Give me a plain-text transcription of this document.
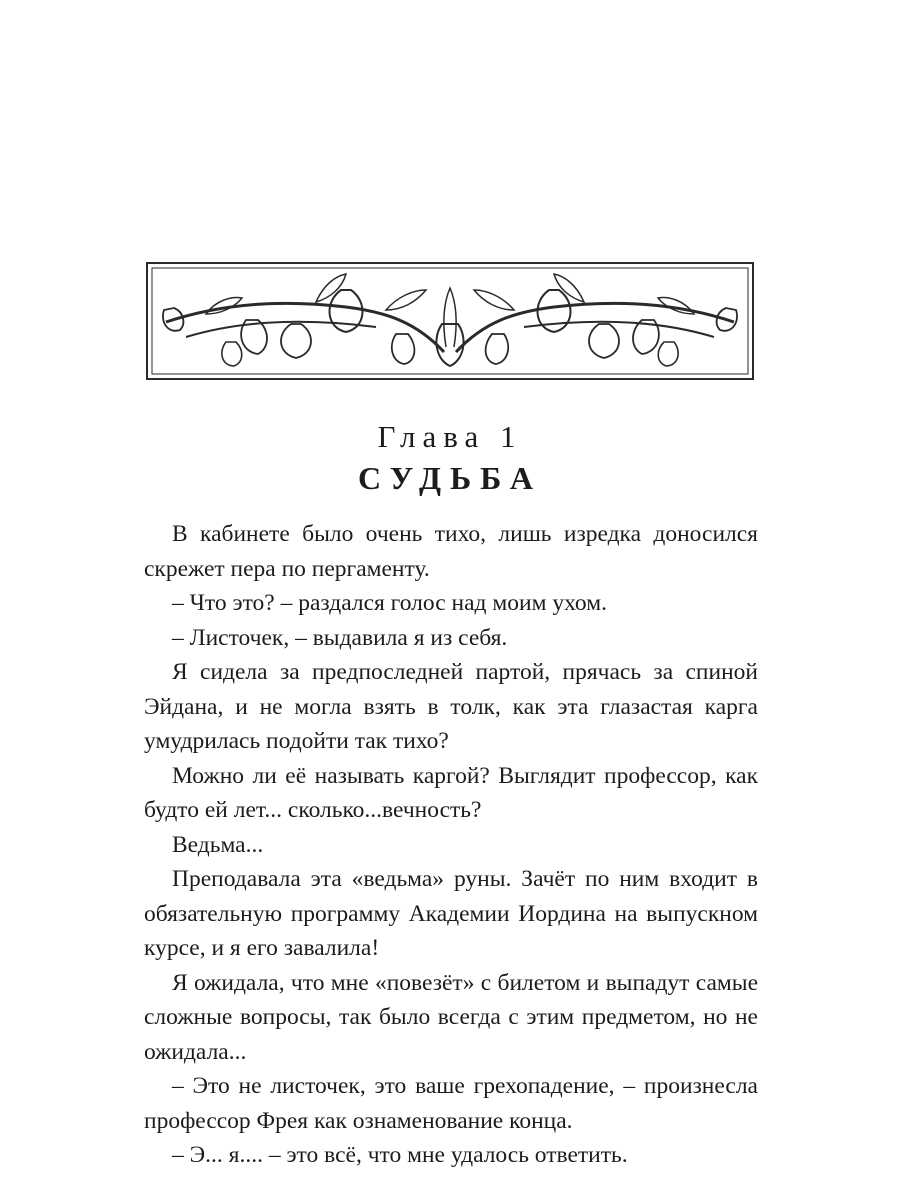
Глава 1
СУДЬБА

В кабинете было очень тихо, лишь изредка доносился скрежет пера по пергаменту.

– Что это? – раздался голос над моим ухом.

– Листочек, – выдавила я из себя.

Я сидела за предпоследней партой, прячась за спиной Эйдана, и не могла взять в толк, как эта глазастая карга умудрилась подойти так тихо?

Можно ли её называть каргой? Выглядит профессор, как будто ей лет... сколько...вечность?

Ведьма...

Преподавала эта «ведьма» руны. Зачёт по ним входит в обязательную программу Академии Иордина на выпускном курсе, и я его завалила!

Я ожидала, что мне «повезёт» с билетом и выпадут самые сложные вопросы, так было всегда с этим предметом, но не ожидала...

– Это не листочек, это ваше грехопадение, – произнесла профессор Фрея как ознаменование конца.

– Э... я.... – это всё, что мне удалось ответить.
